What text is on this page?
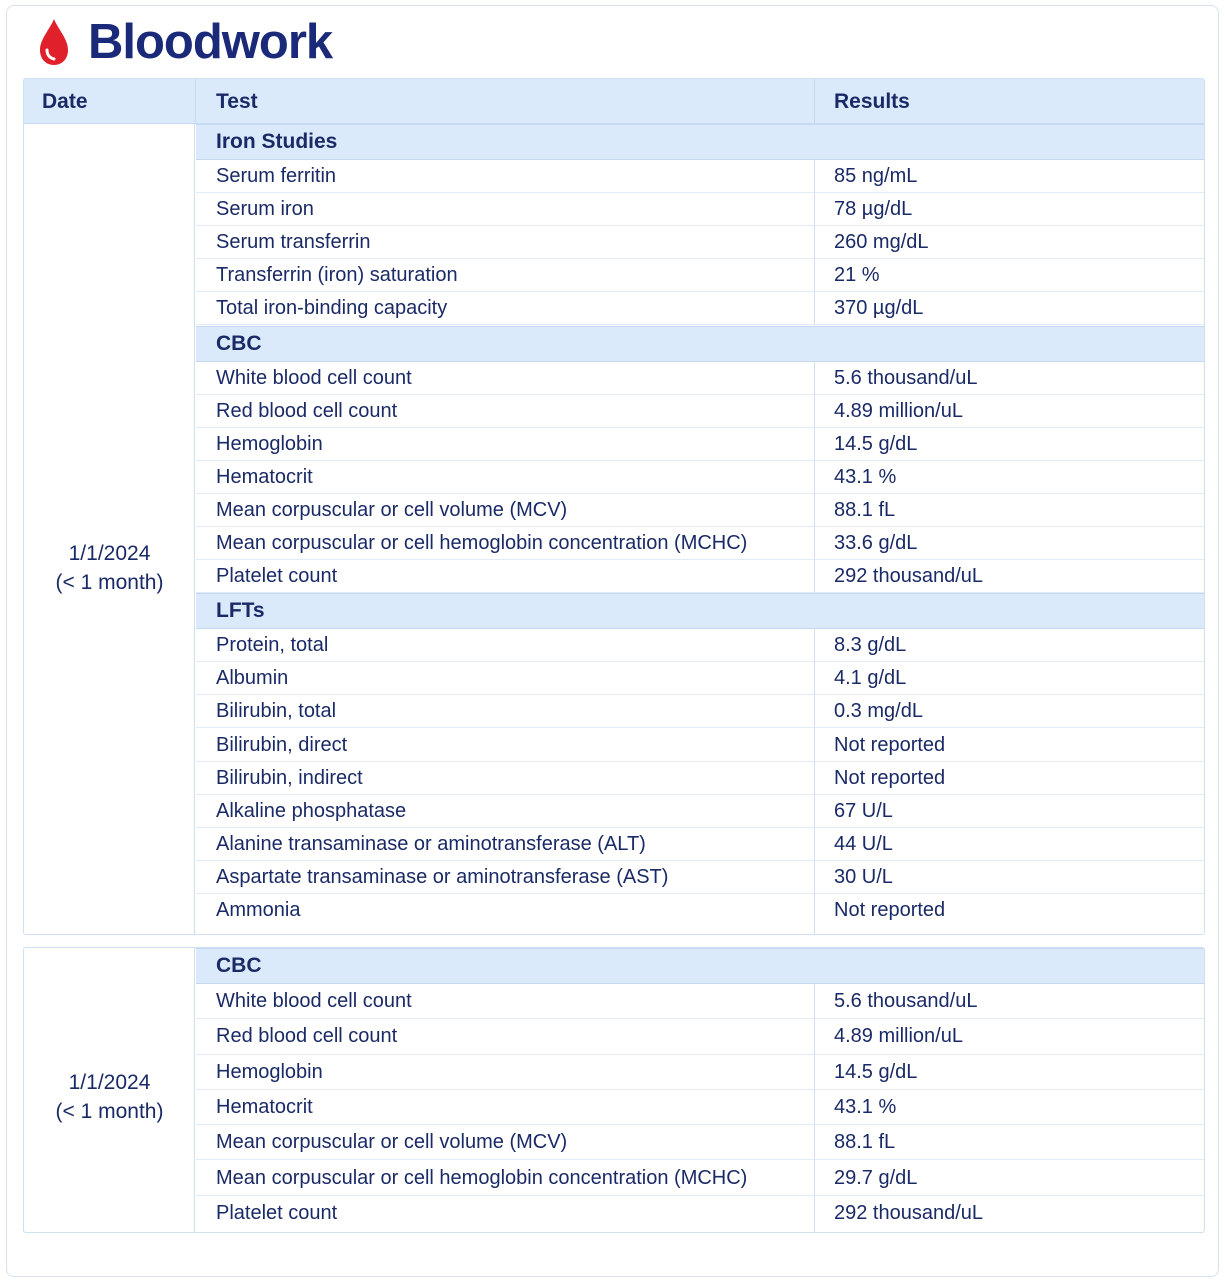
Bloodwork
Date	Test	Results
1/1/2024
(< 1 month)
Iron Studies
Serum ferritin	85 ng/mL
Serum iron	78 µg/dL
Serum transferrin	260 mg/dL
Transferrin (iron) saturation	21 %
Total iron-binding capacity	370 µg/dL
CBC
White blood cell count	5.6 thousand/uL
Red blood cell count	4.89 million/uL
Hemoglobin	14.5 g/dL
Hematocrit	43.1 %
Mean corpuscular or cell volume (MCV)	88.1 fL
Mean corpuscular or cell hemoglobin concentration (MCHC)	33.6 g/dL
Platelet count	292 thousand/uL
LFTs
Protein, total	8.3 g/dL
Albumin	4.1 g/dL
Bilirubin, total	0.3 mg/dL
Bilirubin, direct	Not reported
Bilirubin, indirect	Not reported
Alkaline phosphatase	67 U/L
Alanine transaminase or aminotransferase (ALT)	44 U/L
Aspartate transaminase or aminotransferase (AST)	30 U/L
Ammonia	Not reported
1/1/2024
(< 1 month)
CBC
White blood cell count	5.6 thousand/uL
Red blood cell count	4.89 million/uL
Hemoglobin	14.5 g/dL
Hematocrit	43.1 %
Mean corpuscular or cell volume (MCV)	88.1 fL
Mean corpuscular or cell hemoglobin concentration (MCHC)	29.7 g/dL
Platelet count	292 thousand/uL
